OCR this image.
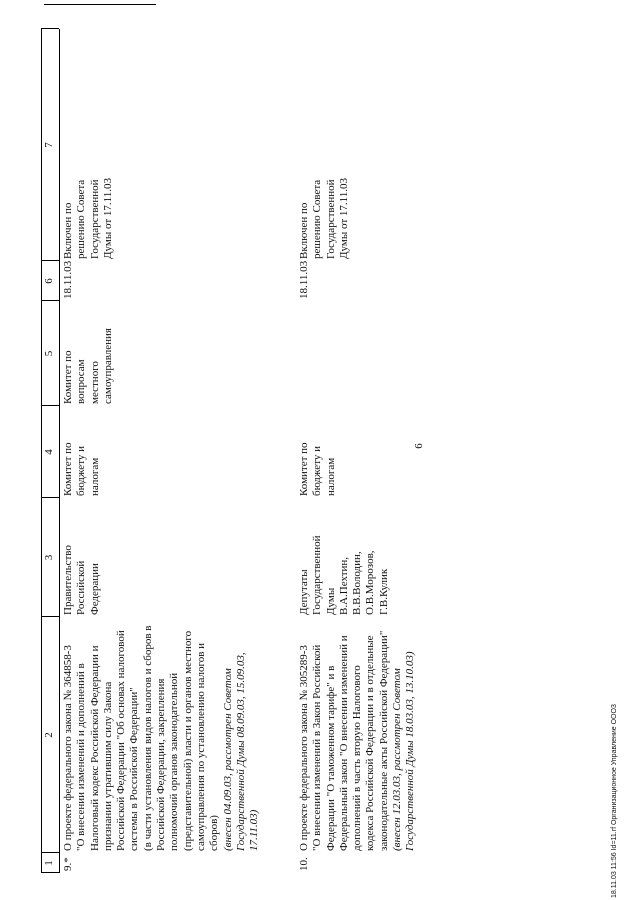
6
18.11.03 11:56 Id=11.rf Организационное Управление ООО3
1
2
3
4
5
6
7
9.*
О проекте федерального закона № 364858-3 "О внесении изменений и дополнений в Налоговый кодекс Российской Федерации и признании утратившим силу Закона Российской Федерации "Об основах налоговой системы в Российской Федерации" (в части установления видов налогов и сборов в Российской Федерации, закрепления полномочий органов законодательной (представительной) власти и органов местного самоуправления по установлению налогов и сборов) (внесен 04.09.03, рассмотрен Советом Государственной Думы 08.09.03, 15.09.03, 17.11.03)
Правительство Российской Федерации
Комитет по бюджету и налогам
Комитет по вопросам местного самоуправления
18.11.03
Включен по решению Совета Государственной Думы от 17.11.03
10.
О проекте федерального закона № 305289-3 "О внесении изменений в Закон Российской Федерации "О таможенном тарифе" и в Федеральный закон "О внесении изменений и дополнений в часть вторую Налогового кодекса Российской Федерации и в отдельные законодательные акты Российской Федерации" (внесен 12.03.03, рассмотрен Советом Государственной Думы 18.03.03, 13.10.03)
Депутаты Государственной Думы В.А.Пехтин, В.В.Володин, О.В.Морозов, Г.В.Кулик
Комитет по бюджету и налогам
18.11.03
Включен по решению Совета Государственной Думы от 17.11.03
